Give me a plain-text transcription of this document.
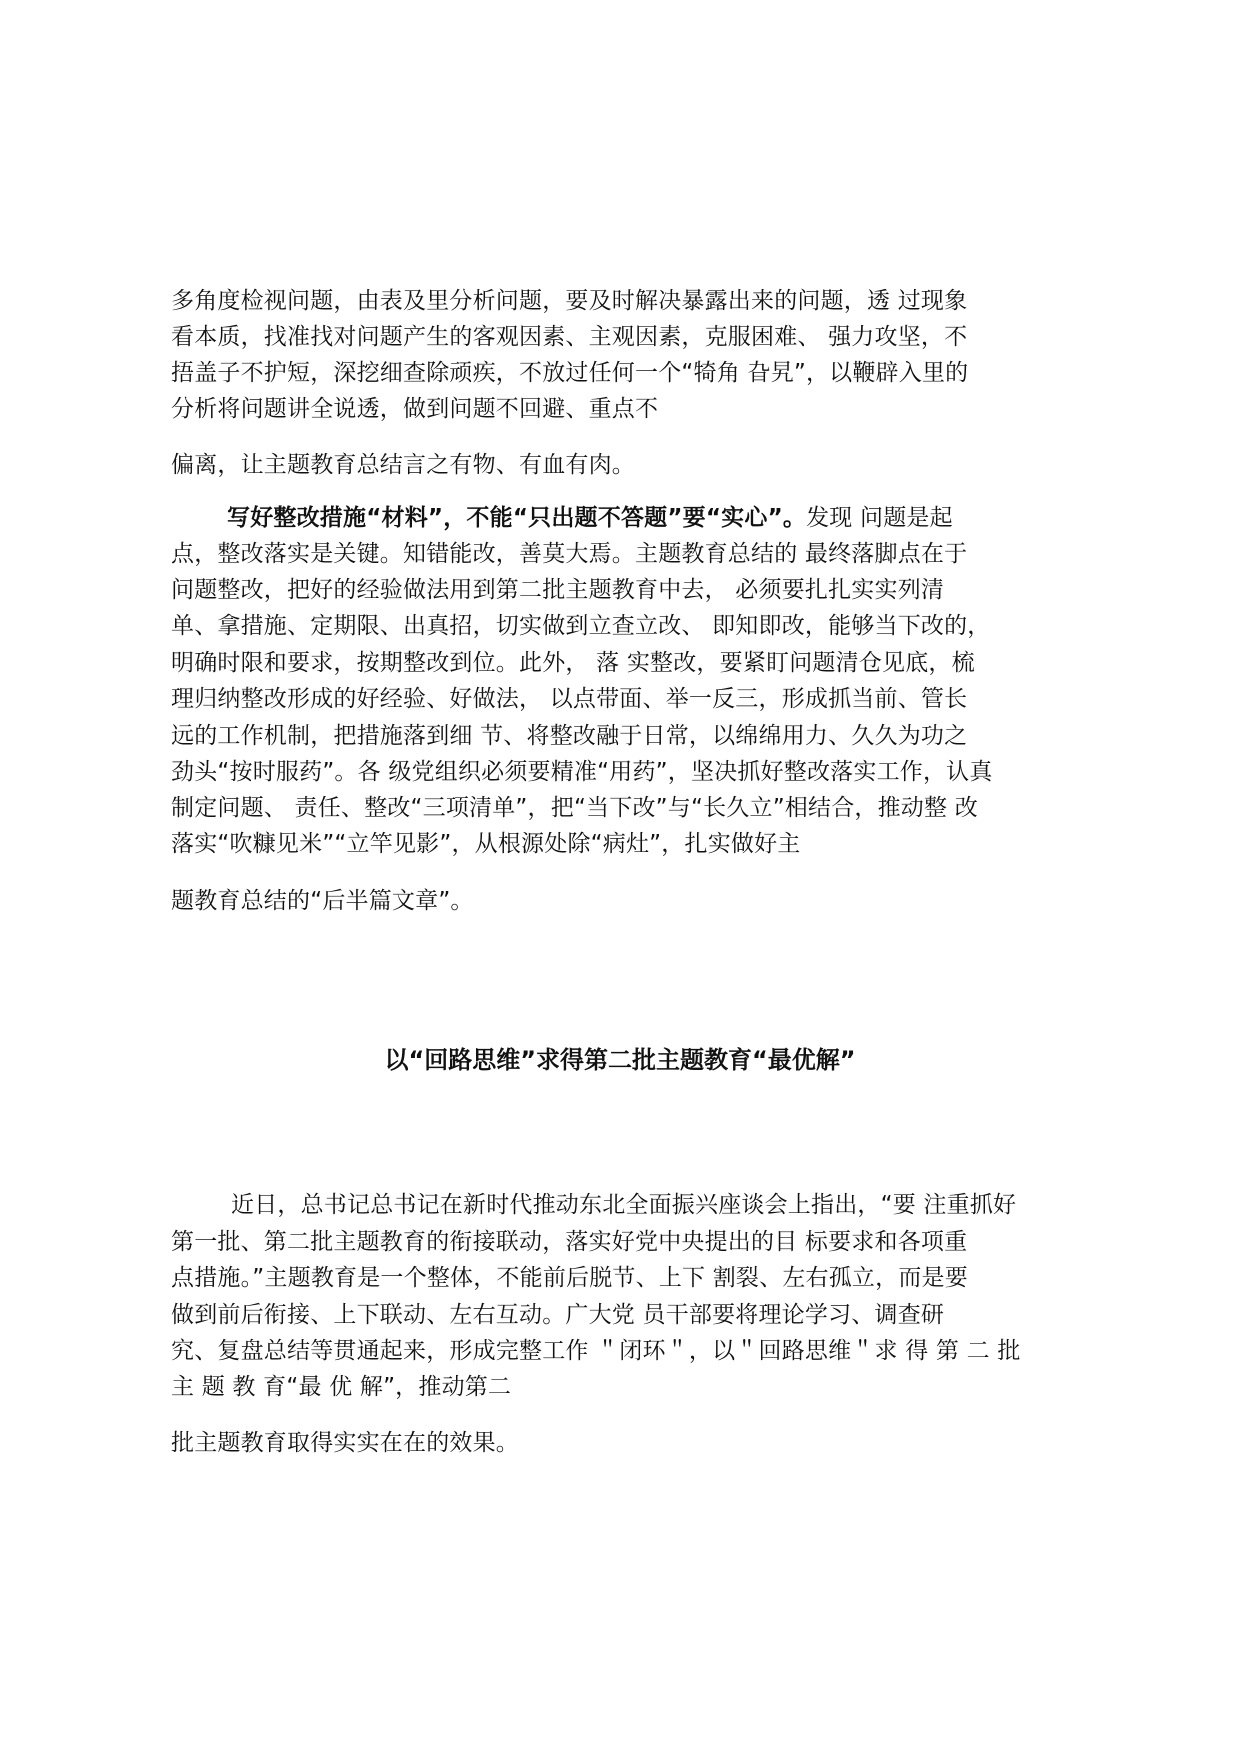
多角度检视问题，由表及里分析问题，要及时解决暴露出来的问题，透 过现象
看本质，找准找对问题产生的客观因素、主观因素，克服困难、 强力攻坚，不
捂盖子不护短，深挖细查除顽疾，不放过任何一个“犄角 旮旯”，以鞭辟入里的
分析将问题讲全说透，做到问题不回避、重点不
偏离，让主题教育总结言之有物、有血有肉。
写好整改措施“材料”，不能“只出题不答题”要“实心”。发现 问题是起
点，整改落实是关键。知错能改，善莫大焉。主题教育总结的 最终落脚点在于
问题整改，把好的经验做法用到第二批主题教育中去， 必须要扎扎实实列清
单、拿措施、定期限、出真招，切实做到立查立改、 即知即改，能够当下改的，
明确时限和要求，按期整改到位。此外， 落 实整改，要紧盯问题清仓见底，梳
理归纳整改形成的好经验、好做法， 以点带面、举一反三，形成抓当前、管长
远的工作机制，把措施落到细 节、将整改融于日常，以绵绵用力、久久为功之
劲头“按时服药”。各 级党组织必须要精准“用药”，坚决抓好整改落实工作，认真
制定问题、 责任、整改“三项清单”，把“当下改”与“长久立”相结合，推动整 改
落实“吹糠见米”“立竿见影”，从根源处除“病灶”，扎实做好主
题教育总结的“后半篇文章”。
以“回路思维”求得第二批主题教育“最优解”
近日，总书记总书记在新时代推动东北全面振兴座谈会上指出，“要 注重抓好
第一批、第二批主题教育的衔接联动，落实好党中央提出的目 标要求和各项重
点措施。”主题教育是一个整体，不能前后脱节、上下 割裂、左右孤立，而是要
做到前后衔接、上下联动、左右互动。广大党 员干部要将理论学习、调查研
究、复盘总结等贯通起来，形成完整工作 ＂闭环＂，以＂回路思维＂求 得 第 二 批
主 题 教 育“最 优 解”，推动第二
批主题教育取得实实在在的效果。
